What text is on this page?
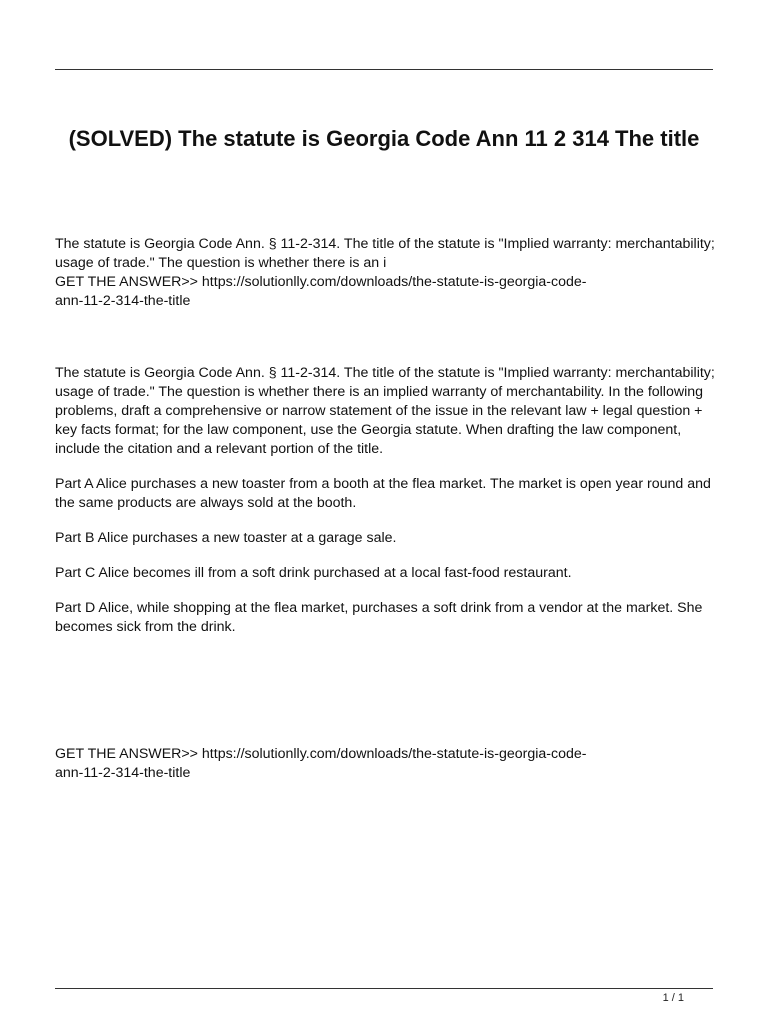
(SOLVED) The statute is Georgia Code Ann 11 2 314 The title

The statute is Georgia Code Ann. § 11-2-314. The title of the statute is "Implied warranty: merchantability; usage of trade." The question is whether there is an i

GET THE ANSWER>> https://solutionlly.com/downloads/the-statute-is-georgia-code-
ann-11-2-314-the-title

The statute is Georgia Code Ann. § 11-2-314. The title of the statute is "Implied warranty: merchantability; usage of trade." The question is whether there is an implied warranty of merchantability. In the following problems, draft a comprehensive or narrow statement of the issue in the relevant law + legal question + key facts format; for the law component, use the Georgia statute. When drafting the law component, include the citation and a relevant portion of the title.

Part A Alice purchases a new toaster from a booth at the flea market. The market is open year round and the same products are always sold at the booth.

Part B Alice purchases a new toaster at a garage sale.

Part C Alice becomes ill from a soft drink purchased at a local fast-food restaurant.

Part D Alice, while shopping at the flea market, purchases a soft drink from a vendor at the market. She becomes sick from the drink.

GET THE ANSWER>> https://solutionlly.com/downloads/the-statute-is-georgia-code-
ann-11-2-314-the-title
1 / 1
